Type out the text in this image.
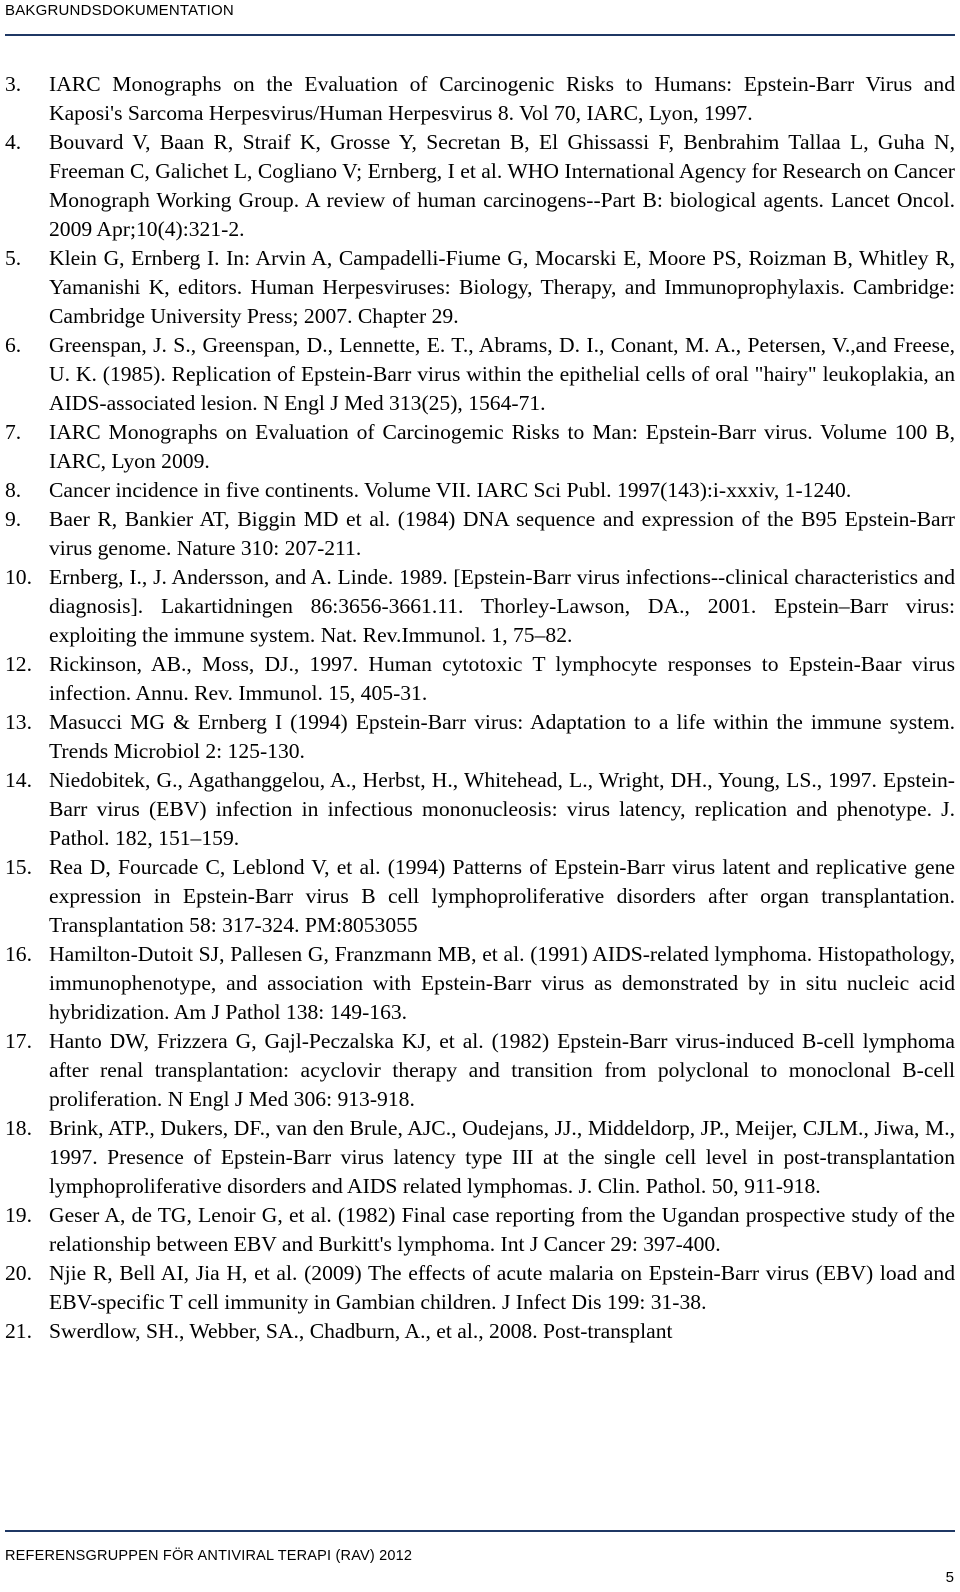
BAKGRUNDSDOKUMENTATION
3.	IARC Monographs on the Evaluation of Carcinogenic Risks to Humans: Epstein-Barr Virus and Kaposi's Sarcoma Herpesvirus/Human Herpesvirus 8. Vol 70, IARC, Lyon, 1997.
4.	Bouvard V, Baan R, Straif K, Grosse Y, Secretan B, El Ghissassi F, Benbrahim Tallaa L, Guha N, Freeman C, Galichet L, Cogliano V; Ernberg, I et al. WHO International Agency for Research on Cancer Monograph Working Group. A review of human carcinogens--Part B: biological agents. Lancet Oncol. 2009 Apr;10(4):321-2.
5.	Klein G, Ernberg I. In: Arvin A, Campadelli-Fiume G, Mocarski E, Moore PS, Roizman B, Whitley R, Yamanishi K, editors. Human Herpesviruses: Biology, Therapy, and Immunoprophylaxis. Cambridge: Cambridge University Press; 2007. Chapter 29.
6.	Greenspan, J. S., Greenspan, D., Lennette, E. T., Abrams, D. I., Conant, M. A., Petersen, V.,and Freese, U. K. (1985). Replication of Epstein-Barr virus within the epithelial cells of oral "hairy" leukoplakia, an AIDS-associated lesion. N Engl J Med 313(25), 1564-71.
7.	IARC Monographs on Evaluation of Carcinogemic Risks to Man: Epstein-Barr virus. Volume 100 B, IARC, Lyon 2009.
8.	Cancer incidence in five continents. Volume VII. IARC Sci Publ. 1997(143):i-xxxiv, 1-1240.
9.	Baer R, Bankier AT, Biggin MD et al. (1984) DNA sequence and expression of the B95 Epstein-Barr virus genome. Nature 310: 207-211.
10. Ernberg, I., J. Andersson, and A. Linde. 1989. [Epstein-Barr virus infections--clinical characteristics and diagnosis]. Lakartidningen 86:3656-3661.11. Thorley-Lawson, DA., 2001. Epstein–Barr virus: exploiting the immune system. Nat. Rev.Immunol. 1, 75–82.
12. Rickinson, AB., Moss, DJ., 1997. Human cytotoxic T lymphocyte responses to Epstein-Baar virus infection. Annu. Rev. Immunol. 15, 405-31.
13. Masucci MG & Ernberg I (1994) Epstein-Barr virus: Adaptation to a life within the immune system. Trends Microbiol 2: 125-130.
14. Niedobitek, G., Agathanggelou, A., Herbst, H., Whitehead, L., Wright, DH., Young, LS., 1997. Epstein-Barr virus (EBV) infection in infectious mononucleosis: virus latency, replication and phenotype. J. Pathol. 182, 151–159.
15. Rea D, Fourcade C, Leblond V, et al. (1994) Patterns of Epstein-Barr virus latent and replicative gene expression in Epstein-Barr virus B cell lymphoproliferative disorders after organ transplantation. Transplantation 58: 317-324. PM:8053055
16. Hamilton-Dutoit SJ, Pallesen G, Franzmann MB, et al. (1991) AIDS-related lymphoma. Histopathology, immunophenotype, and association with Epstein-Barr virus as demonstrated by in situ nucleic acid hybridization. Am J Pathol 138: 149-163.
17. Hanto DW, Frizzera G, Gajl-Peczalska KJ, et al. (1982) Epstein-Barr virus-induced B-cell lymphoma after renal transplantation: acyclovir therapy and transition from polyclonal to monoclonal B-cell proliferation. N Engl J Med 306: 913-918.
18. Brink, ATP., Dukers, DF., van den Brule, AJC., Oudejans, JJ., Middeldorp, JP., Meijer, CJLM., Jiwa, M., 1997. Presence of Epstein-Barr virus latency type III at the single cell level in post-transplantation lymphoproliferative disorders and AIDS related lymphomas. J. Clin. Pathol. 50, 911-918.
19. Geser A, de TG, Lenoir G, et al. (1982) Final case reporting from the Ugandan prospective study of the relationship between EBV and Burkitt's lymphoma. Int J Cancer 29: 397-400.
20. Njie R, Bell AI, Jia H, et al. (2009) The effects of acute malaria on Epstein-Barr virus (EBV) load and EBV-specific T cell immunity in Gambian children. J Infect Dis 199: 31-38.
21. Swerdlow, SH., Webber, SA., Chadburn, A., et al., 2008. Post-transplant
REFERENSGRUPPEN FÖR ANTIVIRAL TERAPI (RAV) 2012
5
